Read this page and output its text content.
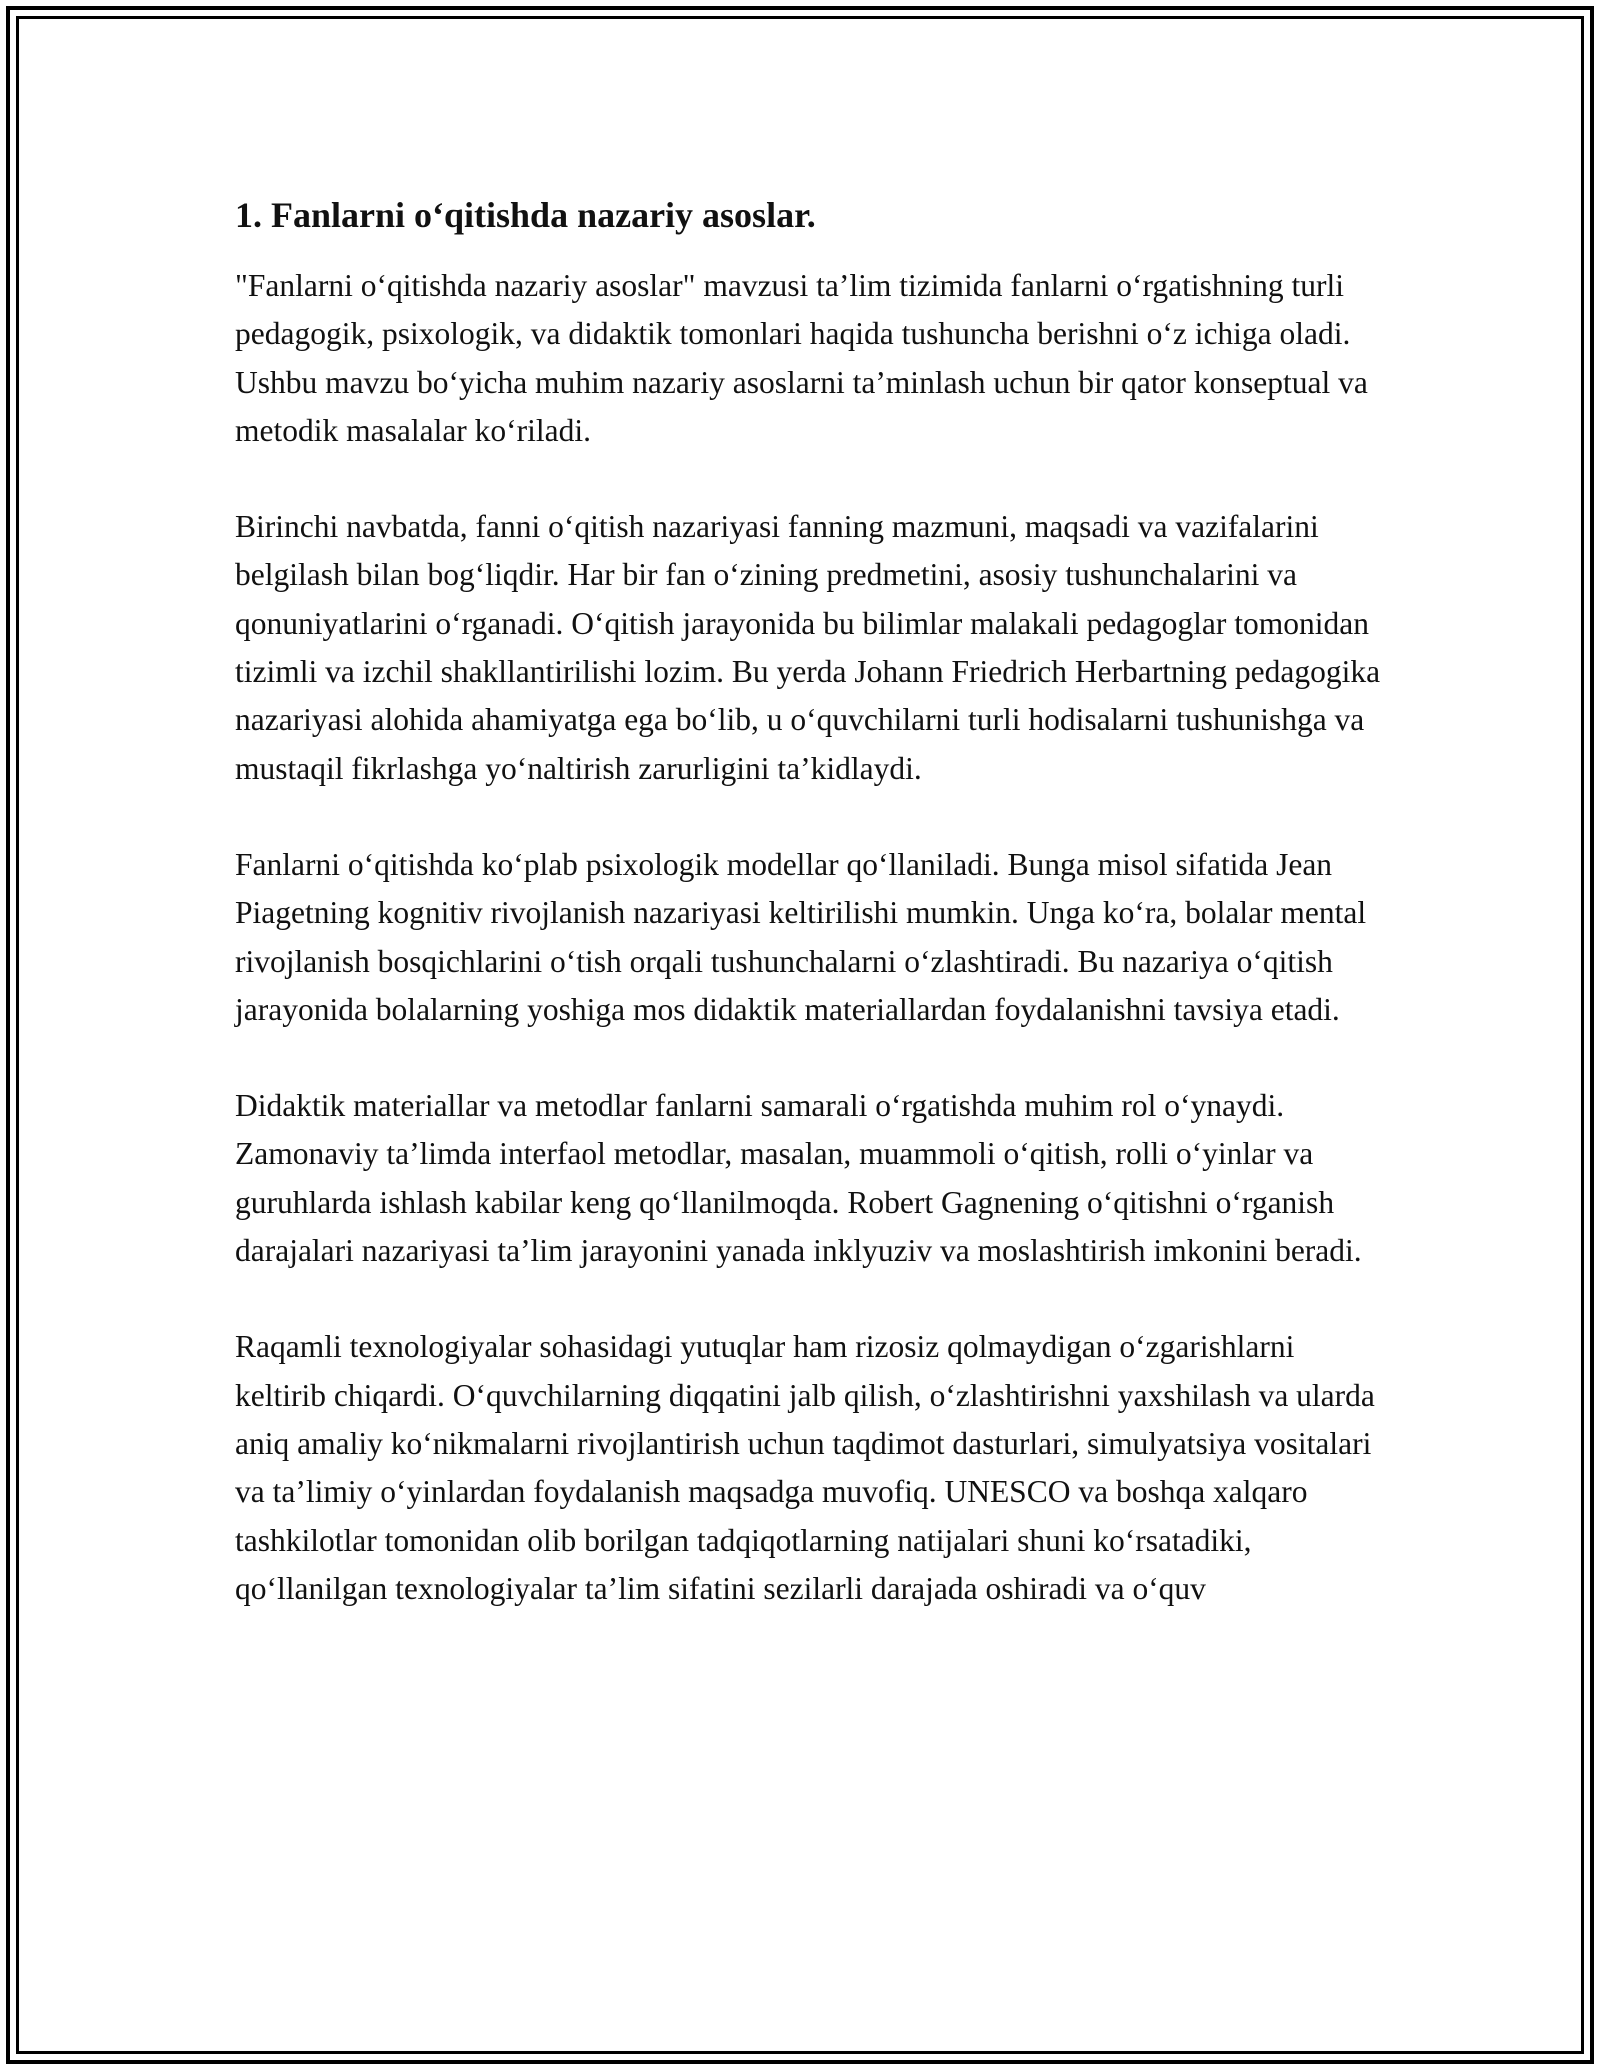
1. Fanlarni o‘qitishda nazariy asoslar.

"Fanlarni o‘qitishda nazariy asoslar" mavzusi ta’lim tizimida fanlarni o‘rgatishning turli pedagogik, psixologik, va didaktik tomonlari haqida tushuncha berishni o‘z ichiga oladi. Ushbu mavzu bo‘yicha muhim nazariy asoslarni ta’minlash uchun bir qator konseptual va metodik masalalar ko‘riladi.

Birinchi navbatda, fanni o‘qitish nazariyasi fanning mazmuni, maqsadi va vazifalarini belgilash bilan bog‘liqdir. Har bir fan o‘zining predmetini, asosiy tushunchalarini va qonuniyatlarini o‘rganadi. O‘qitish jarayonida bu bilimlar malakali pedagoglar tomonidan tizimli va izchil shakllantirilishi lozim. Bu yerda Johann Friedrich Herbartning pedagogika nazariyasi alohida ahamiyatga ega bo‘lib, u o‘quvchilarni turli hodisalarni tushunishga va mustaqil fikrlashga yo‘naltirish zarurligini ta’kidlaydi.

Fanlarni o‘qitishda ko‘plab psixologik modellar qo‘llaniladi. Bunga misol sifatida Jean Piagetning kognitiv rivojlanish nazariyasi keltirilishi mumkin. Unga ko‘ra, bolalar mental rivojlanish bosqichlarini o‘tish orqali tushunchalarni o‘zlashtiradi. Bu nazariya o‘qitish jarayonida bolalarning yoshiga mos didaktik materiallardan foydalanishni tavsiya etadi.

Didaktik materiallar va metodlar fanlarni samarali o‘rgatishda muhim rol o‘ynaydi. Zamonaviy ta’limda interfaol metodlar, masalan, muammoli o‘qitish, rolli o‘yinlar va guruhlarda ishlash kabilar keng qo‘llanilmoqda. Robert Gagnening o‘qitishni o‘rganish darajalari nazariyasi ta’lim jarayonini yanada inklyuziv va moslashtirish imkonini beradi.

Raqamli texnologiyalar sohasidagi yutuqlar ham rizosiz qolmaydigan o‘zgarishlarni keltirib chiqardi. O‘quvchilarning diqqatini jalb qilish, o‘zlashtirishni yaxshilash va ularda aniq amaliy ko‘nikmalarni rivojlantirish uchun taqdimot dasturlari, simulyatsiya vositalari va ta’limiy o‘yinlardan foydalanish maqsadga muvofiq. UNESCO va boshqa xalqaro tashkilotlar tomonidan olib borilgan tadqiqotlarning natijalari shuni ko‘rsatadiki, qo‘llanilgan texnologiyalar ta’lim sifatini sezilarli darajada oshiradi va o‘quv
